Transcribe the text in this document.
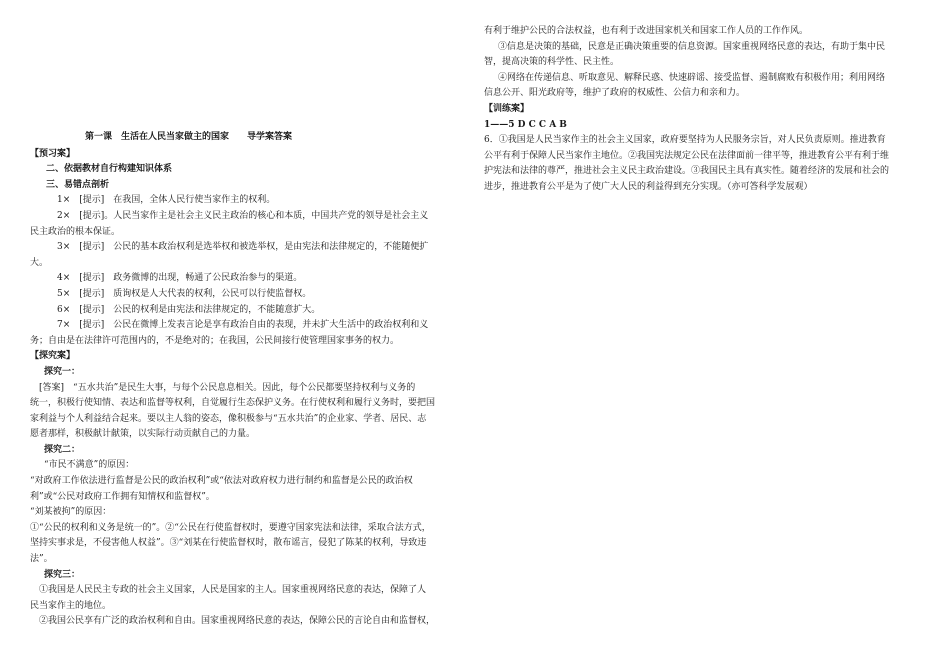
第一课　生活在人民当家做主的国家　　导学案答案

【预习案】

二、依据教材自行构建知识体系

三、易错点剖析

1×　[提示]　在我国，全体人民行使当家作主的权利。

2×　[提示]。人民当家作主是社会主义民主政治的核心和本质，中国共产党的领导是社会主义

民主政治的根本保证。

3×　[提示]　公民的基本政治权利是选举权和被选举权，是由宪法和法律规定的，不能随便扩

大。

4×　[提示]　政务微博的出现，畅通了公民政治参与的渠道。

5×　[提示]　质询权是人大代表的权利，公民可以行使监督权。

6×　[提示]　公民的权利是由宪法和法律规定的，不能随意扩大。

7×　[提示]　公民在微博上发表言论是享有政治自由的表现，并未扩大生活中的政治权利和义

务；自由是在法律许可范围内的，不是绝对的；在我国，公民间接行使管理国家事务的权力。

【探究案】

探究一：

[答案]　“五水共治”是民生大事，与每个公民息息相关。因此，每个公民都要坚持权利与义务的

统一，积极行使知情、表达和监督等权利，自觉履行生态保护义务。在行使权利和履行义务时，要把国

家利益与个人利益结合起来。要以主人翁的姿态，像积极参与“五水共治”的企业家、学者、居民、志

愿者那样，积极献计献策，以实际行动贡献自己的力量。

探究二：

“市民不满意”的原因：

“对政府工作依法进行监督是公民的政治权利”或“依法对政府权力进行制约和监督是公民的政治权

利”或“公民对政府工作拥有知情权和监督权”。

“刘某被拘”的原因：

①“公民的权利和义务是统一的”。②“公民在行使监督权时，要遵守国家宪法和法律，采取合法方式，

坚持实事求是，不侵害他人权益”。③“刘某在行使监督权时，散布谣言，侵犯了陈某的权利，导致违

法”。

探究三：

①我国是人民民主专政的社会主义国家，人民是国家的主人。国家重视网络民意的表达，保障了人

民当家作主的地位。

②我国公民享有广泛的政治权利和自由。国家重视网络民意的表达，保障公民的言论自由和监督权，

有利于维护公民的合法权益，也有利于改进国家机关和国家工作人员的工作作风。

③信息是决策的基础，民意是正确决策重要的信息资源。国家重视网络民意的表达，有助于集中民

智，提高决策的科学性、民主性。

④网络在传递信息、听取意见、解释民惑、快速辟谣、接受监督、遏制腐败有积极作用；利用网络

信息公开、阳光政府等，维护了政府的权威性、公信力和亲和力。

【训练案】

1——5 D C C A B

6．①我国是人民当家作主的社会主义国家，政府要坚持为人民服务宗旨，对人民负责原则。推进教育

公平有利于保障人民当家作主地位。②我国宪法规定公民在法律面前一律平等，推进教育公平有利于维

护宪法和法律的尊严，推进社会主义民主政治建设。③我国民主具有真实性。随着经济的发展和社会的

进步，推进教育公平是为了使广大人民的利益得到充分实现。（亦可答科学发展观）
